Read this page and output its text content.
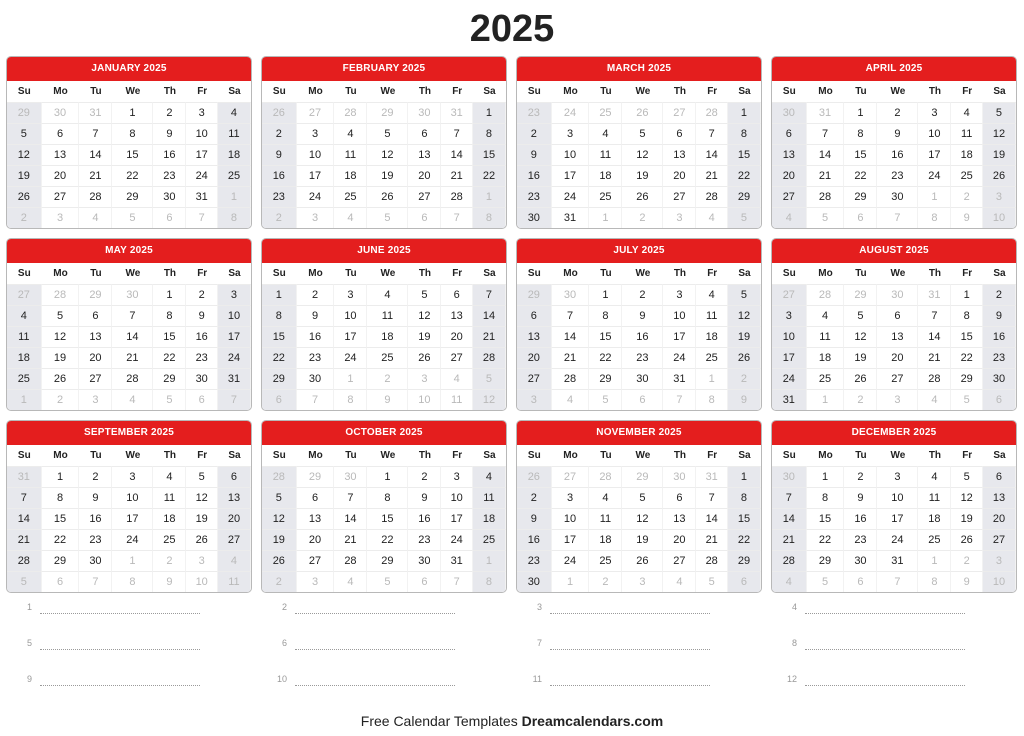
2025
JANUARY 2025
Su	Mo	Tu	We	Th	Fr	Sa
29	30	31	1	2	3	4
5	6	7	8	9	10	11
12	13	14	15	16	17	18
19	20	21	22	23	24	25
26	27	28	29	30	31	1
2	3	4	5	6	7	8
FEBRUARY 2025
Su	Mo	Tu	We	Th	Fr	Sa
26	27	28	29	30	31	1
2	3	4	5	6	7	8
9	10	11	12	13	14	15
16	17	18	19	20	21	22
23	24	25	26	27	28	1
2	3	4	5	6	7	8
MARCH 2025
Su	Mo	Tu	We	Th	Fr	Sa
23	24	25	26	27	28	1
2	3	4	5	6	7	8
9	10	11	12	13	14	15
16	17	18	19	20	21	22
23	24	25	26	27	28	29
30	31	1	2	3	4	5
APRIL 2025
Su	Mo	Tu	We	Th	Fr	Sa
30	31	1	2	3	4	5
6	7	8	9	10	11	12
13	14	15	16	17	18	19
20	21	22	23	24	25	26
27	28	29	30	1	2	3
4	5	6	7	8	9	10
MAY 2025
Su	Mo	Tu	We	Th	Fr	Sa
27	28	29	30	1	2	3
4	5	6	7	8	9	10
11	12	13	14	15	16	17
18	19	20	21	22	23	24
25	26	27	28	29	30	31
1	2	3	4	5	6	7
JUNE 2025
Su	Mo	Tu	We	Th	Fr	Sa
1	2	3	4	5	6	7
8	9	10	11	12	13	14
15	16	17	18	19	20	21
22	23	24	25	26	27	28
29	30	1	2	3	4	5
6	7	8	9	10	11	12
JULY 2025
Su	Mo	Tu	We	Th	Fr	Sa
29	30	1	2	3	4	5
6	7	8	9	10	11	12
13	14	15	16	17	18	19
20	21	22	23	24	25	26
27	28	29	30	31	1	2
3	4	5	6	7	8	9
AUGUST 2025
Su	Mo	Tu	We	Th	Fr	Sa
27	28	29	30	31	1	2
3	4	5	6	7	8	9
10	11	12	13	14	15	16
17	18	19	20	21	22	23
24	25	26	27	28	29	30
31	1	2	3	4	5	6
SEPTEMBER 2025
Su	Mo	Tu	We	Th	Fr	Sa
31	1	2	3	4	5	6
7	8	9	10	11	12	13
14	15	16	17	18	19	20
21	22	23	24	25	26	27
28	29	30	1	2	3	4
5	6	7	8	9	10	11
OCTOBER 2025
Su	Mo	Tu	We	Th	Fr	Sa
28	29	30	1	2	3	4
5	6	7	8	9	10	11
12	13	14	15	16	17	18
19	20	21	22	23	24	25
26	27	28	29	30	31	1
2	3	4	5	6	7	8
NOVEMBER 2025
Su	Mo	Tu	We	Th	Fr	Sa
26	27	28	29	30	31	1
2	3	4	5	6	7	8
9	10	11	12	13	14	15
16	17	18	19	20	21	22
23	24	25	26	27	28	29
30	1	2	3	4	5	6
DECEMBER 2025
Su	Mo	Tu	We	Th	Fr	Sa
30	1	2	3	4	5	6
7	8	9	10	11	12	13
14	15	16	17	18	19	20
21	22	23	24	25	26	27
28	29	30	31	1	2	3
4	5	6	7	8	9	10
1
5
9
2
6
10
3
7
11
4
8
12
Free Calendar Templates Dreamcalendars.com
